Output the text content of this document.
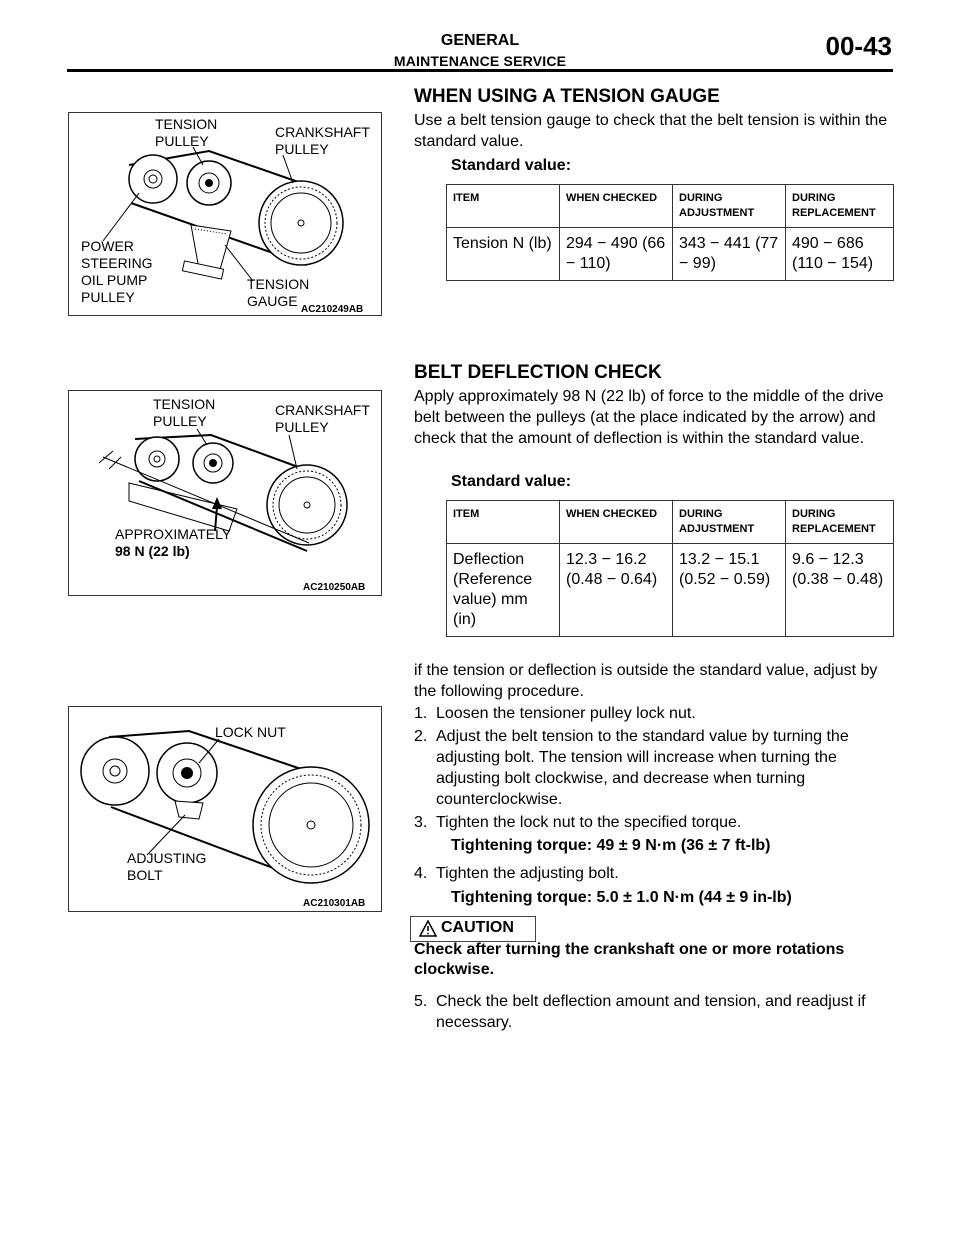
GENERAL
MAINTENANCE SERVICE	00-43
TENSION
PULLEY
CRANKSHAFT
PULLEY
POWER
STEERING
OIL PUMP
PULLEY
TENSION
GAUGE
AC210249AB
WHEN USING A TENSION GAUGE
Use a belt tension gauge to check that the belt tension is within the standard value.
Standard value:
ITEM	WHEN CHECKED	DURING ADJUSTMENT	DURING REPLACEMENT
Tension N (lb)	294 − 490 (66 − 110)	343 − 441 (77 − 99)	490 − 686 (110 − 154)
TENSION
PULLEY
CRANKSHAFT
PULLEY
APPROXIMATELY
98 N (22 lb)
AC210250AB
BELT DEFLECTION CHECK
Apply approximately 98 N (22 lb) of force to the middle of the drive belt between the pulleys (at the place indicated by the arrow) and check that the amount of deflection is within the standard value.
Standard value:
ITEM	WHEN CHECKED	DURING ADJUSTMENT	DURING REPLACEMENT
Deflection (Reference value) mm (in)	12.3 − 16.2 (0.48 − 0.64)	13.2 − 15.1 (0.52 − 0.59)	9.6 − 12.3 (0.38 − 0.48)
LOCK NUT
ADJUSTING
BOLT
AC210301AB
if the tension or deflection is outside the standard value, adjust by the following procedure.
1. Loosen the tensioner pulley lock nut.
2. Adjust the belt tension to the standard value by turning the adjusting bolt. The tension will increase when turning the adjusting bolt clockwise, and decrease when turning counterclockwise.
3. Tighten the lock nut to the specified torque.
Tightening torque: 49 ± 9 N·m (36 ± 7 ft-lb)
4. Tighten the adjusting bolt.
Tightening torque: 5.0 ± 1.0 N·m (44 ± 9 in-lb)
CAUTION
Check after turning the crankshaft one or more rotations clockwise.
5. Check the belt deflection amount and tension, and readjust if necessary.
